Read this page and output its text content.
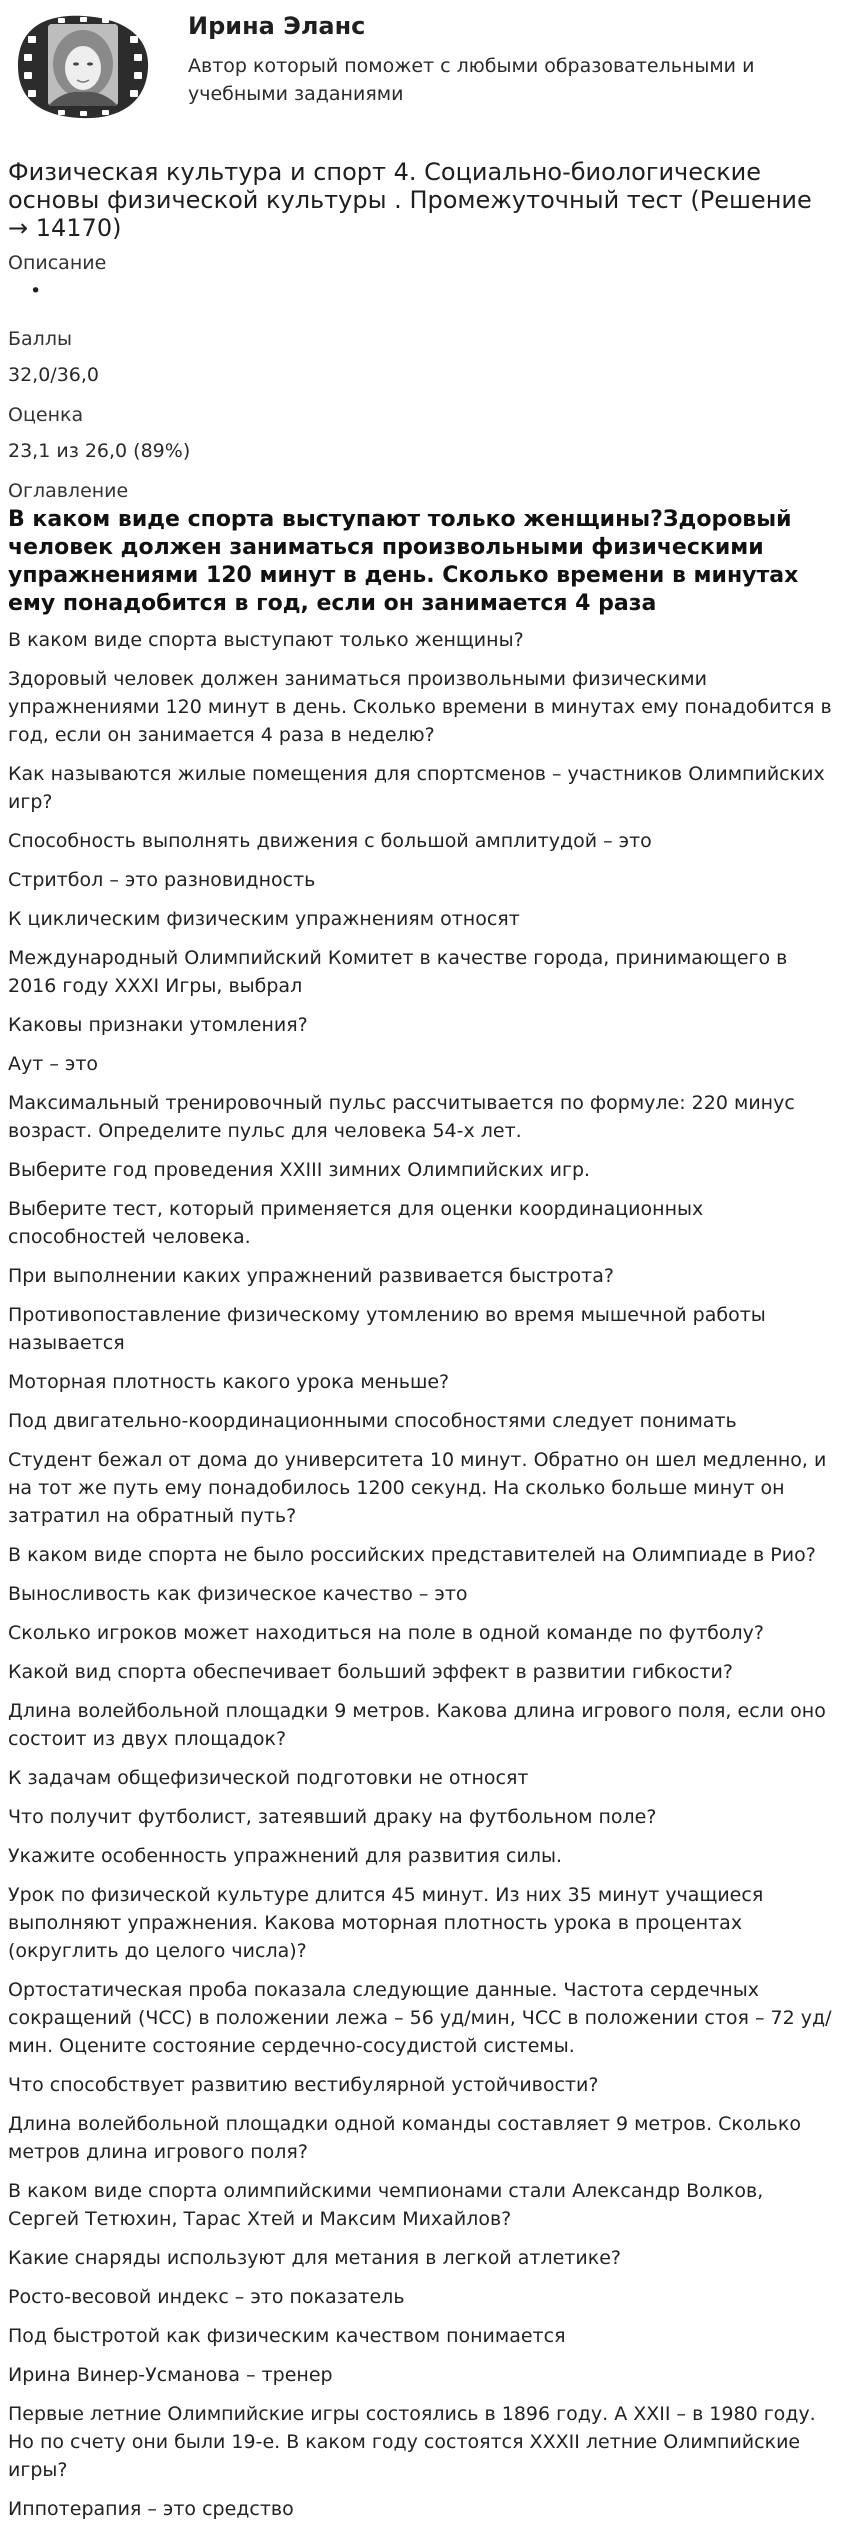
Ирина Эланс
Автор который поможет с любыми образовательными и учебными заданиями
Физическая культура и спорт 4. Социально-биологические основы физической культуры . Промежуточный тест (Решение → 14170)
Описание
•
Баллы
32,0/36,0
Оценка
23,1 из 26,0 (89%)
Оглавление
В каком виде спорта выступают только женщины?Здоровый человек должен заниматься произвольными физическими упражнениями 120 минут в день. Сколько времени в минутах ему понадобится в год, если он занимается 4 раза
В каком виде спорта выступают только женщины?
Здоровый человек должен заниматься произвольными физическими упражнениями 120 минут в день. Сколько времени в минутах ему понадобится в год, если он занимается 4 раза в неделю?
Как называются жилые помещения для спортсменов – участников Олимпийских игр?
Способность выполнять движения с большой амплитудой – это
Стритбол – это разновидность
К циклическим физическим упражнениям относят
Международный Олимпийский Комитет в качестве города, принимающего в 2016 году XXXI Игры, выбрал
Каковы признаки утомления?
Аут – это
Максимальный тренировочный пульс рассчитывается по формуле: 220 минус возраст. Определите пульс для человека 54-х лет.
Выберите год проведения XXIII зимних Олимпийских игр.
Выберите тест, который применяется для оценки координационных способностей человека.
При выполнении каких упражнений развивается быстрота?
Противопоставление физическому утомлению во время мышечной работы называется
Моторная плотность какого урока меньше?
Под двигательно-координационными способностями следует понимать
Студент бежал от дома до университета 10 минут. Обратно он шел медленно, и на тот же путь ему понадобилось 1200 секунд. На сколько больше минут он затратил на обратный путь?
В каком виде спорта не было российских представителей на Олимпиаде в Рио?
Выносливость как физическое качество – это
Сколько игроков может находиться на поле в одной команде по футболу?
Какой вид спорта обеспечивает больший эффект в развитии гибкости?
Длина волейбольной площадки 9 метров. Какова длина игрового поля, если оно состоит из двух площадок?
К задачам общефизической подготовки не относят
Что получит футболист, затеявший драку на футбольном поле?
Укажите особенность упражнений для развития силы.
Урок по физической культуре длится 45 минут. Из них 35 минут учащиеся выполняют упражнения. Какова моторная плотность урока в процентах (округлить до целого числа)?
Ортостатическая проба показала следующие данные. Частота сердечных сокращений (ЧСС) в положении лежа – 56 уд/мин, ЧСС в положении стоя – 72 уд/мин. Оцените состояние сердечно-сосудистой системы.
Что способствует развитию вестибулярной устойчивости?
Длина волейбольной площадки одной команды составляет 9 метров. Сколько метров длина игрового поля?
В каком виде спорта олимпийскими чемпионами стали Александр Волков, Сергей Тетюхин, Тарас Хтей и Максим Михайлов?
Какие снаряды используют для метания в легкой атлетике?
Росто-весовой индекс – это показатель
Под быстротой как физическим качеством понимается
Ирина Винер-Усманова – тренер
Первые летние Олимпийские игры состоялись в 1896 году. А XXII – в 1980 году. Но по счету они были 19-е. В каком году состоятся XXXII летние Олимпийские игры?
Иппотерапия – это средство
